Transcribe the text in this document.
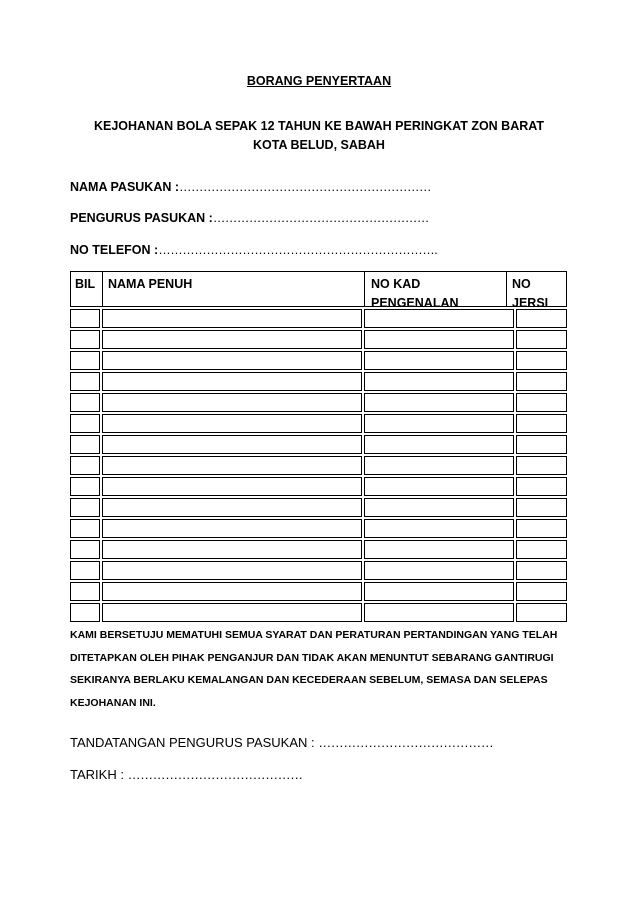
BORANG PENYERTAAN
KEJOHANAN BOLA SEPAK 12 TAHUN KE BAWAH PERINGKAT ZON BARAT KOTA BELUD, SABAH
NAMA PASUKAN :………………………………………………………
PENGURUS PASUKAN :………………………………………………
NO TELEFON :…………………………………………………………….
BIL NAMA PENUH	NO KAD PENGENALAN
NO JERSI
KAMI BERSETUJU MEMATUHI SEMUA SYARAT DAN PERATURAN PERTANDINGAN YANG TELAH DITETAPKAN OLEH PIHAK PENGANJUR DAN TIDAK AKAN MENUNTUT SEBARANG GANTIRUGI SEKIRANYA BERLAKU KEMALANGAN DAN KECEDERAAN SEBELUM, SEMASA DAN SELEPAS KEJOHANAN INI.
TANDATANGAN PENGURUS PASUKAN : ……………………………………
TARIKH : ……………………………………
